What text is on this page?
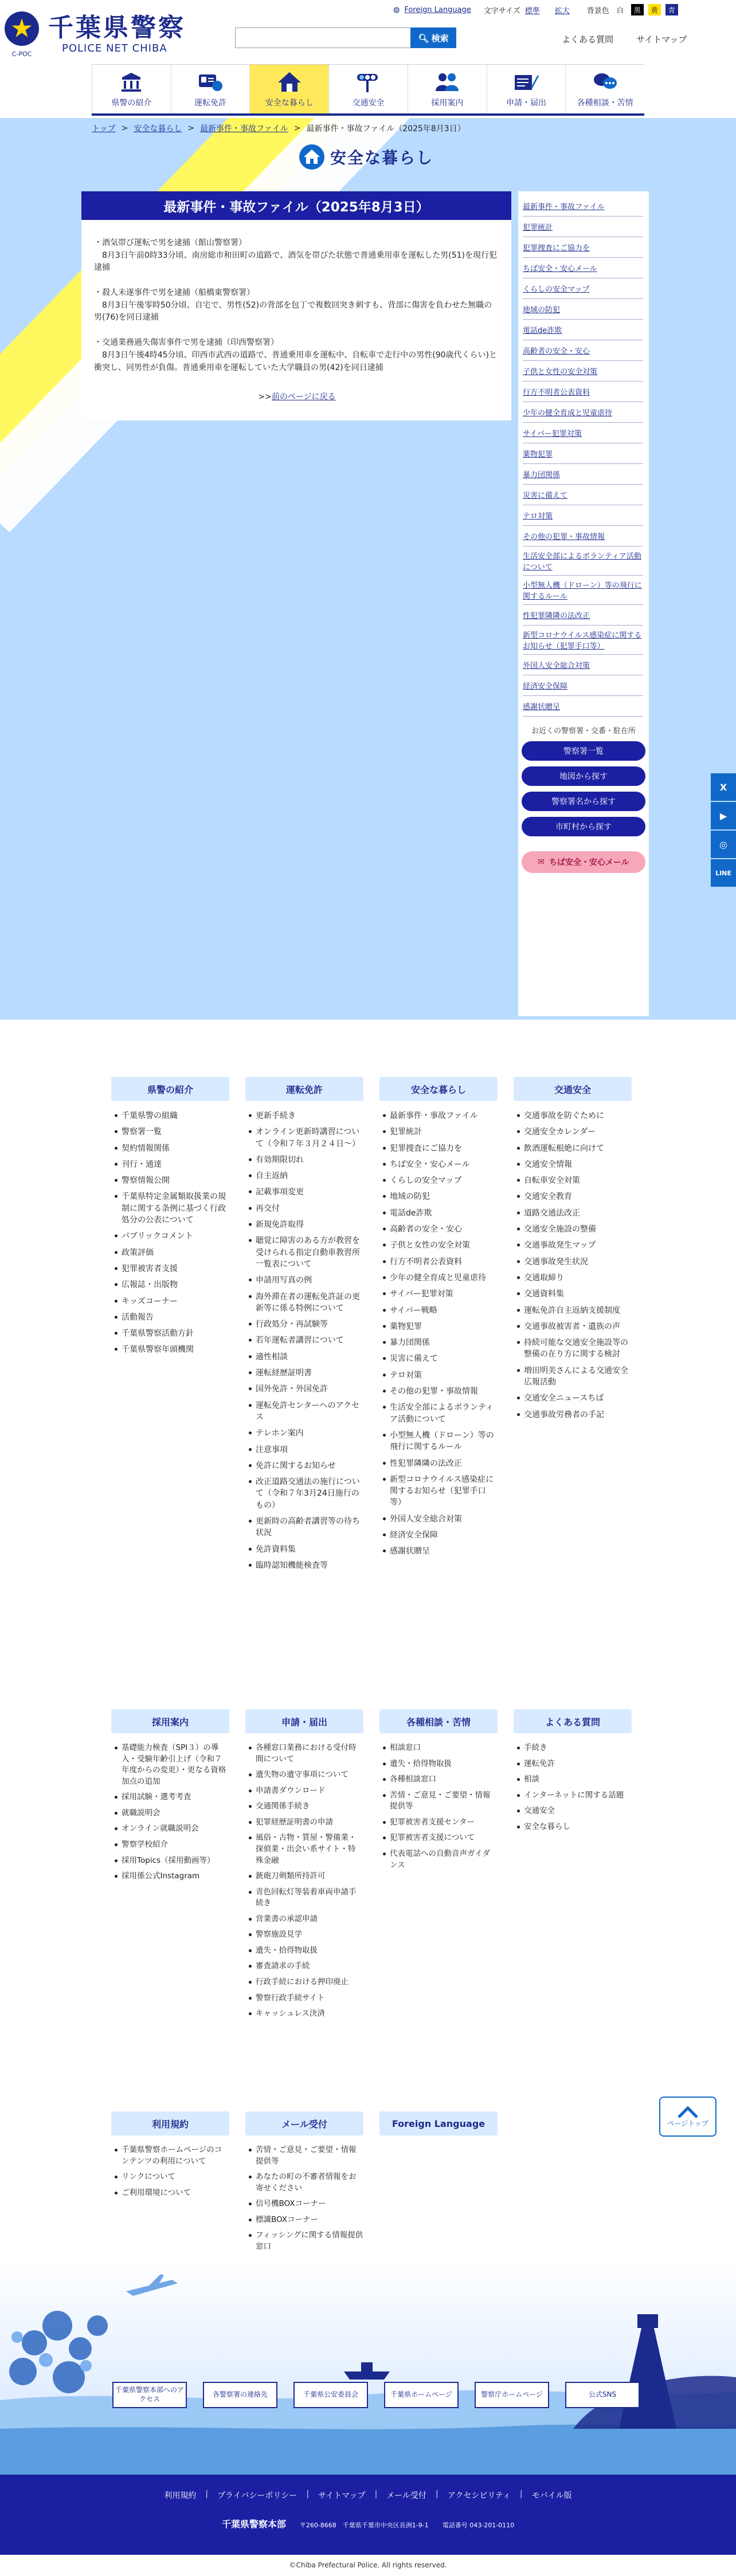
C-POC
千葉県警察
POLICE NET CHIBA
◍ Foreign Language 文字サイズ 標準 拡大 背景色	白	黒	黄	青
🔍︎ 検索	よくある質問	サイトマップ
県警の紹介	運転免許	安全な暮らし	交通安全	採用案内	申請・届出	各種相談・苦情
トップ > 安全な暮らし > 最新事件・事故ファイル > 最新事件・事故ファイル（2025年8月3日）
安全な暮らし
最新事件・事故ファイル（2025年8月3日）
・酒気帯び運転で男を逮捕（館山警察署）
　8月3日午前0時33分頃、南房総市和田町の道路で、酒気を帯びた状態で普通乗用車を運転した男(51)を現行犯逮捕
・殺人未遂事件で男を逮捕（船橋東警察署）
　8月3日午後零時50分頃、自宅で、男性(52)の背部を包丁で複数回突き刺すも、背部に傷害を負わせた無職の男(76)を同日逮捕
・交通業務過失傷害事件で男を逮捕（印西警察署）
　8月3日午後4時45分頃、印西市武西の道路で、普通乗用車を運転中、自転車で走行中の男性(90歳代くらい)と衝突し、同男性が負傷。普通乗用車を運転していた大学職員の男(42)を同日逮捕
>>前のページに戻る
最新事件・事故ファイル
犯罪統計
犯罪捜査にご協力を
ちば安全・安心メール
くらしの安全マップ
地域の防犯
電話de詐欺
高齢者の安全・安心
子供と女性の安全対策
行方不明者公表資料
少年の健全育成と児童虐待
サイバー犯罪対策
薬物犯罪
暴力団関係
災害に備えて
テロ対策
その他の犯罪・事故情報
生活安全部によるボランティア活動について
小型無人機（ドローン）等の飛行に関するルール
性犯罪隣隣の法改正
新型コロナウイルス感染症に関するお知らせ（犯罪手口等）
外国人安全総合対策
経済安全保障
感謝状贈呈
お近くの警察署・交番・駐在所
警察署一覧
地図から探す
警察署名から探す
市町村から探す
✉ ちば安全・安心メール
X
▶
◎
LINE
県警の紹介
千葉県警の組織
警察署一覧
契約情報関係
刊行・通達
警察情報公開
千葉県特定金属類取扱業の規制に関する条例に基づく行政処分の公表について
パブリックコメント
政策評価
犯罪被害者支援
広報誌・出版物
キッズコーナー
活動報告
千葉県警察活動方針
千葉県警察年頭機関
運転免許
更新手続き
オンライン更新時講習について（令和７年３月２４日〜）
有効期限切れ
自主返納
記載事項変更
再交付
新規免許取得
聴覚に障害のある方が教習を受けられる指定自動車教習所一覧表について
申請用写真の例
海外滞在者の運転免許証の更新等に係る特例について
行政処分・再試験等
若年運転者講習について
適性相談
運転経歴証明書
国外免許・外国免許
運転免許センターへのアクセス
テレホン案内
注意事項
免許に関するお知らせ
改正道路交通法の施行について（令和７年3月24日施行のもの）
更新時の高齢者講習等の待ち状況
免許資料集
臨時認知機能検査等
安全な暮らし
最新事件・事故ファイル
犯罪統計
犯罪捜査にご協力を
ちば安全・安心メール
くらしの安全マップ
地域の防犯
電話de詐欺
高齢者の安全・安心
子供と女性の安全対策
行方不明者公表資料
少年の健全育成と児童虐待
サイバー犯罪対策
サイバー戦略
薬物犯罪
暴力団関係
災害に備えて
テロ対策
その他の犯罪・事故情報
生活安全部によるボランティア活動について
小型無人機（ドローン）等の飛行に関するルール
性犯罪隣隣の法改正
新型コロナウイルス感染症に関するお知らせ（犯罪手口等）
外国人安全総合対策
経済安全保障
感謝状贈呈
交通安全
交通事故を防ぐために
交通安全カレンダー
飲酒運転根絶に向けて
交通安全情報
自転車安全対策
交通安全教育
道路交通法改正
交通安全施設の整備
交通事故発生マップ
交通事故発生状況
交通取締り
交通資料集
運転免許自主返納支援制度
交通事故被害者・遺族の声
持続可能な交通安全施設等の整備の在り方に関する検討
増田明美さんによる交通安全広報活動
交通安全ニュースちば
交通事故労務者の手記
採用案内
基礎能力検査（SPI３）の導入・受験年齢引上げ（令和７年度からの変更）・更なる資格加点の追加
採用試験・選考考査
就職説明会
オンライン就職説明会
警察学校紹介
採用Topics（採用動画等）
採用係公式Instagram
申請・届出
各種窓口業務における受付時間について
遺失物の遺守事項について
申請書ダウンロード
交通関係手続き
犯罪経歴証明書の申請
風俗・古物・質屋・警備業・探偵業・出会い系サイト・特殊金融
銃砲刀剣類所持許可
青色回転灯等装着車両申請手続き
営業書の承認申請
警察施設見学
遺失・拾得物取扱
審査請求の手続
行政手続における押印廃止
警察行政手続サイト
キャッシュレス決済
各種相談・苦情
相談窓口
遺失・拾得物取扱
各種相談窓口
苦情・ご意見・ご要望・情報提供等
犯罪被害者支援センター
犯罪被害者支援について
代表電話への自動音声ガイダンス
よくある質問
手続き
運転免許
相談
インターネットに関する話題
交通安全
安全な暮らし
利用規約
千葉県警察ホームページのコンテンツの利用について
リンクについて
ご利用環境について
メール受付
苦情・ご意見・ご要望・情報提供等
あなたの町の不審者情報をお寄せください
信号機BOXコーナー
標識BOXコーナー
フィッシングに関する情報提供窓口
Foreign Language	ページトップ
千葉県警察本部へのアクセス
各警察署の連絡先	千葉県公安委員会	千葉県ホームページ	警察庁ホームページ	公式SNS
利用規約 | プライバシーポリシー | サイトマップ | メール受付 | アクセシビリティ | モバイル版
千葉県警察本部 〒260-8668　千葉県千葉市中央区長洲1-9-1 電話番号 043-201-0110
©Chiba Prefectural Police. All rights reserved.
